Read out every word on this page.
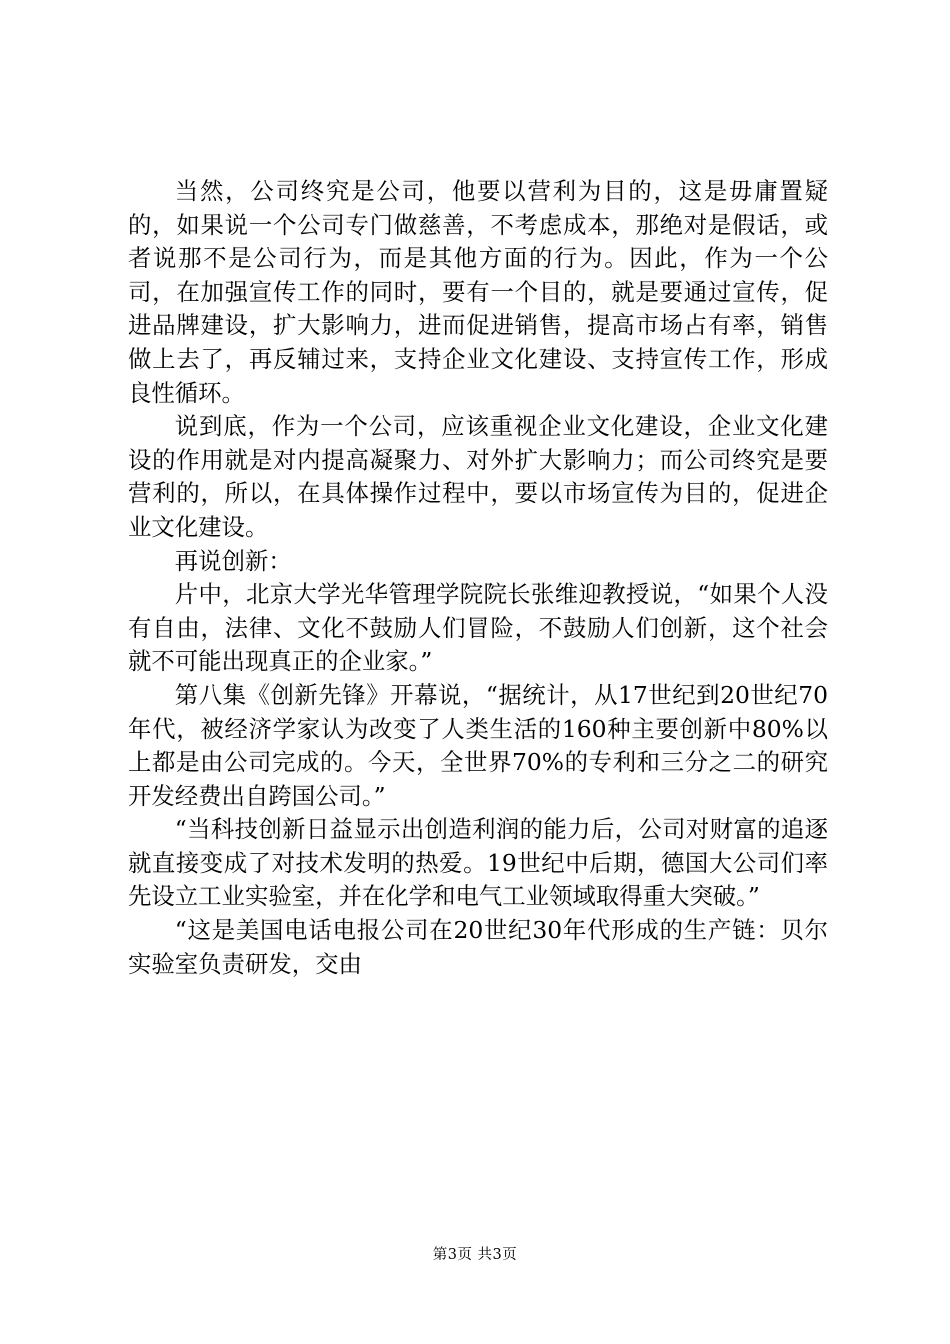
当然，公司终究是公司，他要以营利为目的，这是毋庸置疑的，如果说一个公司专门做慈善，不考虑成本，那绝对是假话，或者说那不是公司行为，而是其他方面的行为。因此，作为一个公司，在加强宣传工作的同时，要有一个目的，就是要通过宣传，促进品牌建设，扩大影响力，进而促进销售，提高市场占有率，销售做上去了，再反辅过来，支持企业文化建设、支持宣传工作，形成良性循环。

说到底，作为一个公司，应该重视企业文化建设，企业文化建设的作用就是对内提高凝聚力、对外扩大影响力；而公司终究是要营利的，所以，在具体操作过程中，要以市场宣传为目的，促进企业文化建设。

再说创新：

片中，北京大学光华管理学院院长张维迎教授说，“如果个人没有自由，法律、文化不鼓励人们冒险，不鼓励人们创新，这个社会就不可能出现真正的企业家。”

第八集《创新先锋》开幕说，“据统计，从17世纪到20世纪70年代，被经济学家认为改变了人类生活的160种主要创新中80%以上都是由公司完成的。今天，全世界70%的专利和三分之二的研究开发经费出自跨国公司。”

“当科技创新日益显示出创造利润的能力后，公司对财富的追逐就直接变成了对技术发明的热爱。19世纪中后期，德国大公司们率先设立工业实验室，并在化学和电气工业领域取得重大突破。”

“这是美国电话电报公司在20世纪30年代形成的生产链：贝尔实验室负责研发，交由

第3页 共3页
